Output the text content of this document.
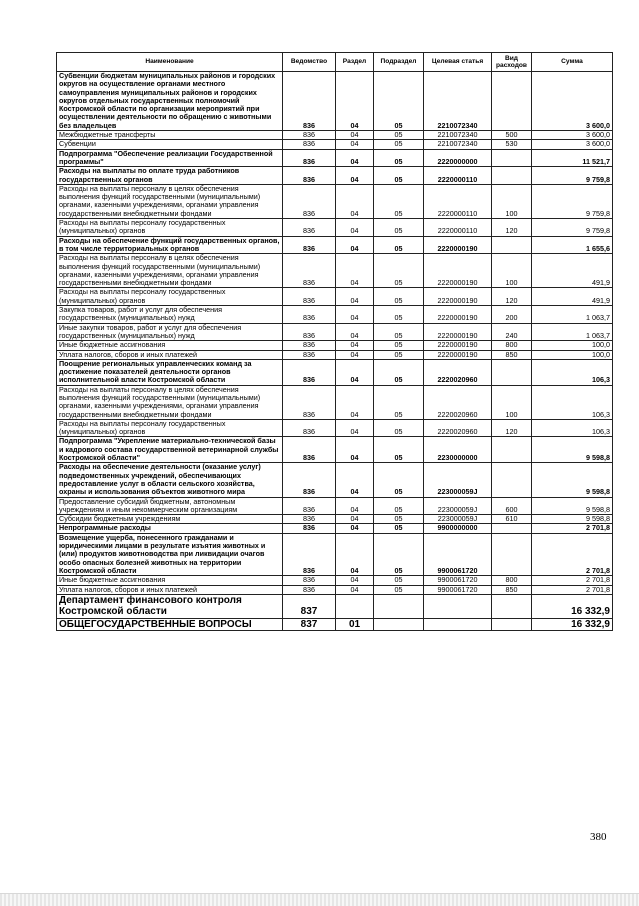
Наименование	Ведомство	Раздел	Подраздел	Целевая статья	Вид расходов	Сумма
Субвенции бюджетам муниципальных районов и городских округов на осуществление органами местного самоуправления муниципальных районов и городских округов отдельных государственных полномочий Костромской области по организации мероприятий при осуществлении деятельности по обращению с животными без владельцев	836	04	05	2210072340		3 600,0
Межбюджетные трансферты	836	04	05	2210072340	500	3 600,0
Субвенции	836	04	05	2210072340	530	3 600,0
Подпрограмма "Обеспечение реализации Государственной программы"	836	04	05	2220000000		11 521,7
Расходы на выплаты по оплате труда работников государственных органов	836	04	05	2220000110		9 759,8
Расходы на выплаты персоналу в целях обеспечения выполнения функций государственными (муниципальными) органами, казенными учреждениями, органами управления государственными внебюджетными фондами	836	04	05	2220000110	100	9 759,8
Расходы на выплаты персоналу государственных (муниципальных) органов	836	04	05	2220000110	120	9 759,8
Расходы на обеспечение функций государственных органов, в том числе территориальных органов	836	04	05	2220000190		1 655,6
Расходы на выплаты персоналу в целях обеспечения выполнения функций государственными (муниципальными) органами, казенными учреждениями, органами управления государственными внебюджетными фондами	836	04	05	2220000190	100	491,9
Расходы на выплаты персоналу государственных (муниципальных) органов	836	04	05	2220000190	120	491,9
Закупка товаров, работ и услуг для обеспечения государственных (муниципальных) нужд	836	04	05	2220000190	200	1 063,7
Иные закупки товаров, работ и услуг для обеспечения государственных (муниципальных) нужд	836	04	05	2220000190	240	1 063,7
Иные бюджетные ассигнования	836	04	05	2220000190	800	100,0
Уплата налогов, сборов и иных платежей	836	04	05	2220000190	850	100,0
Поощрение региональных управленческих команд за достижение показателей деятельности органов исполнительной власти Костромской области	836	04	05	2220020960		106,3
Расходы на выплаты персоналу в целях обеспечения выполнения функций государственными (муниципальными) органами, казенными учреждениями, органами управления государственными внебюджетными фондами	836	04	05	2220020960	100	106,3
Расходы на выплаты персоналу государственных (муниципальных) органов	836	04	05	2220020960	120	106,3
Подпрограмма "Укрепление материально-технической базы и кадрового состава государственной ветеринарной службы Костромской области"	836	04	05	2230000000		9 598,8
Расходы на обеспечение деятельности (оказание услуг) подведомственных учреждений, обеспечивающих предоставление услуг в области сельского хозяйства, охраны и использования объектов животного мира	836	04	05	223000059J		9 598,8
Предоставление субсидий бюджетным, автономным учреждениям и иным некоммерческим организациям	836	04	05	223000059J	600	9 598,8
Субсидии бюджетным учреждениям	836	04	05	223000059J	610	9 598,8
Непрограммные расходы	836	04	05	9900000000		2 701,8
Возмещение ущерба, понесенного гражданами и юридическими лицами в результате изъятия животных и (или) продуктов животноводства при ликвидации очагов особо опасных болезней животных на территории Костромской области	836	04	05	9900061720		2 701,8
Иные бюджетные ассигнования	836	04	05	9900061720	800	2 701,8
Уплата налогов, сборов и иных платежей	836	04	05	9900061720	850	2 701,8
Департамент финансового контроля Костромской области	837					16 332,9
ОБЩЕГОСУДАРСТВЕННЫЕ ВОПРОСЫ	837	01				16 332,9
380
